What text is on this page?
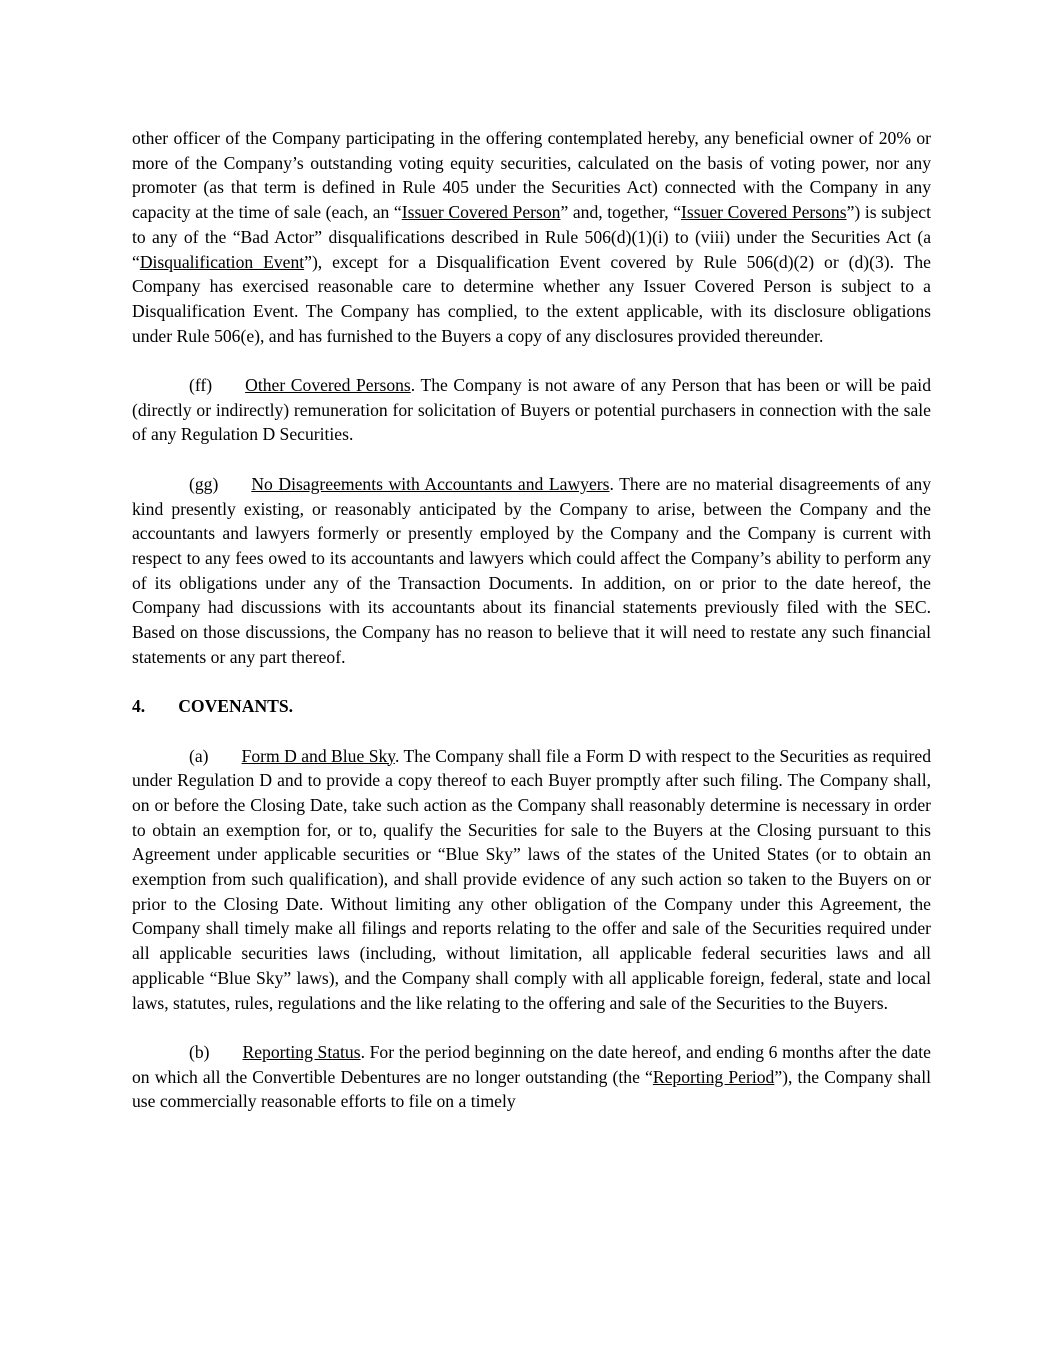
other officer of the Company participating in the offering contemplated hereby, any beneficial owner of 20% or more of the Company’s outstanding voting equity securities, calculated on the basis of voting power, nor any promoter (as that term is defined in Rule 405 under the Securities Act) connected with the Company in any capacity at the time of sale (each, an “Issuer Covered Person” and, together, “Issuer Covered Persons”) is subject to any of the “Bad Actor” disqualifications described in Rule 506(d)(1)(i) to (viii) under the Securities Act (a “Disqualification Event”), except for a Disqualification Event covered by Rule 506(d)(2) or (d)(3). The Company has exercised reasonable care to determine whether any Issuer Covered Person is subject to a Disqualification Event. The Company has complied, to the extent applicable, with its disclosure obligations under Rule 506(e), and has furnished to the Buyers a copy of any disclosures provided thereunder.

(ff) Other Covered Persons. The Company is not aware of any Person that has been or will be paid (directly or indirectly) remuneration for solicitation of Buyers or potential purchasers in connection with the sale of any Regulation D Securities.

(gg) No Disagreements with Accountants and Lawyers. There are no material disagreements of any kind presently existing, or reasonably anticipated by the Company to arise, between the Company and the accountants and lawyers formerly or presently employed by the Company and the Company is current with respect to any fees owed to its accountants and lawyers which could affect the Company’s ability to perform any of its obligations under any of the Transaction Documents. In addition, on or prior to the date hereof, the Company had discussions with its accountants about its financial statements previously filed with the SEC. Based on those discussions, the Company has no reason to believe that it will need to restate any such financial statements or any part thereof.

4. COVENANTS.

(a) Form D and Blue Sky. The Company shall file a Form D with respect to the Securities as required under Regulation D and to provide a copy thereof to each Buyer promptly after such filing. The Company shall, on or before the Closing Date, take such action as the Company shall reasonably determine is necessary in order to obtain an exemption for, or to, qualify the Securities for sale to the Buyers at the Closing pursuant to this Agreement under applicable securities or “Blue Sky” laws of the states of the United States (or to obtain an exemption from such qualification), and shall provide evidence of any such action so taken to the Buyers on or prior to the Closing Date. Without limiting any other obligation of the Company under this Agreement, the Company shall timely make all filings and reports relating to the offer and sale of the Securities required under all applicable securities laws (including, without limitation, all applicable federal securities laws and all applicable “Blue Sky” laws), and the Company shall comply with all applicable foreign, federal, state and local laws, statutes, rules, regulations and the like relating to the offering and sale of the Securities to the Buyers.

(b) Reporting Status. For the period beginning on the date hereof, and ending 6 months after the date on which all the Convertible Debentures are no longer outstanding (the “Reporting Period”), the Company shall use commercially reasonable efforts to file on a timely
